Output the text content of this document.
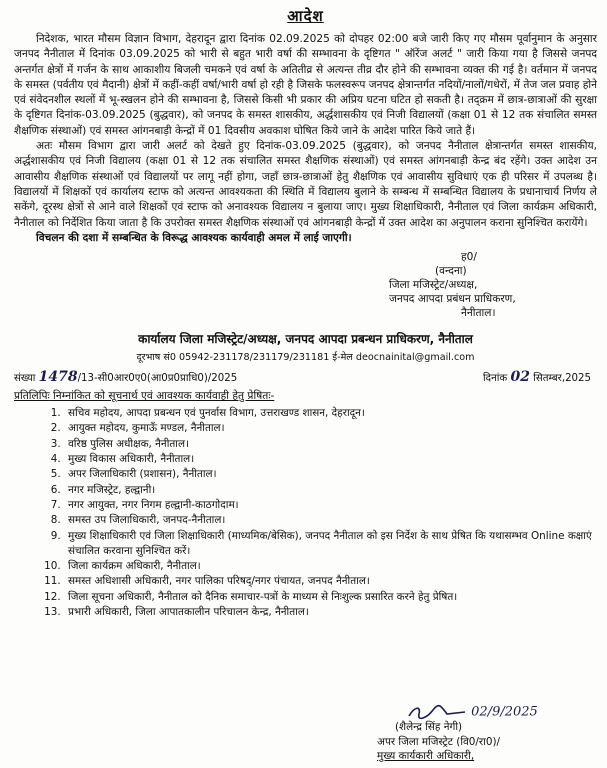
आदेश

निदेशक, भारत मौसम विज्ञान विभाग, देहरादून द्वारा दिनांक 02.09.2025 को दोपहर 02:00 बजे जारी किए गए मौसम पूर्वानुमान के अनुसार जनपद नैनीताल में दिनांक 03.09.2025 को भारी से बहुत भारी वर्षा की सम्भावना के दृष्टिगत " ऑरेंज अलर्ट " जारी किया गया है जिससे जनपद अन्तर्गत क्षेत्रों में गर्जन के साथ आकाशीय बिजली चमकने एवं वर्षा के अतितीव्र से अत्यन्त तीव्र दौर होने की सम्भावना व्यक्त की गई है। वर्तमान में जनपद के समस्त (पर्वतीय एवं मैदानी) क्षेत्रों में कहीं-कहीं वर्षा/भारी वर्षा हो रही है जिसके फलस्वरूप जनपद क्षेत्रान्तर्गत नदियों/नालों/गधेरों, में तेज जल प्रवाह होने एवं संवेदनशील स्थलों में भू-स्खलन होने की सम्भावना है, जिससे किसी भी प्रकार की अप्रिय घटना घटित हो सकती है। तद्‌क्रम में छात्र-छात्राओं की सुरक्षा के दृष्टिगत दिनांक-03.09.2025 (बुद्धवार), को जनपद के समस्त शासकीय, अर्द्धशासकीय एवं निजी विद्यालयों (कक्षा 01 से 12 तक संचालित समस्त शैक्षणिक संस्थाओं) एवं समस्त आंगनबाड़ी केन्द्रों में 01 दिवसीय अवकाश घोषित किये जाने के आदेश पारित किये जाते हैं।

अतः मौसम विभाग द्वारा जारी अलर्ट को देखते हुए दिनांक-03.09.2025 (बुद्धवार), को जनपद नैनीताल क्षेत्रान्तर्गत समस्त शासकीय, अर्द्धशासकीय एवं निजी विद्यालय (कक्षा 01 से 12 तक संचालित समस्त शैक्षणिक संस्थाओं) एवं समस्त आंगनबाड़ी केन्द्र बंद रहेंगे। उक्त आदेश उन आवासीय शैक्षणिक संस्थाओं एवं विद्यालयों पर लागू नहीं होगा, जहाँ छात्र-छात्राओं हेतु शैक्षणिक एवं आवासीय सुविधाएं एक ही परिसर में उपलब्ध है। विद्यालयों में शिक्षकों एवं कार्यालय स्टाफ को अत्यन्त आवश्यकता की स्थिति में विद्यालय बुलाने के सम्बन्ध में सम्बन्धित विद्यालय के प्रधानाचार्य निर्णय ले सकेंगे, दूरस्थ क्षेत्रों से आने वाले शिक्षकों एवं स्टाफ को अनावश्यक विद्यालय न बुलाया जाए। मुख्य शिक्षाधिकारी, नैनीताल एवं जिला कार्यक्रम अधिकारी, नैनीताल को निर्देशित किया जाता है कि उपरोक्त समस्त शैक्षणिक संस्थाओं एवं आंगनबाड़ी केन्द्रों में उक्त आदेश का अनुपालन कराना सुनिश्चित करायेंगे।

विचलन की दशा में सम्बन्धित के विरूद्ध आवश्यक कार्यवाही अमल में लाई जाएगी।

ह0/
(वन्दना)
जिला मजिस्ट्रेट/अध्यक्ष,
जनपद आपदा प्रबंधन प्राधिकरण,
नैनीताल।
कार्यालय जिला मजिस्ट्रेट/अध्यक्ष, जनपद आपदा प्रबन्धन प्राधिकरण, नैनीताल
दूरभाष सं0 05942-231178/231179/231181 ई-मेल deocnainital@gmail.com
संख्या 1478/13-सी0आर0ए0(आ0प्र0प्राधि0)/2025	दिनांक 02 सितम्बर,2025
प्रतिलिपिः निम्नांकित को सूचनार्थ एवं आवश्यक कार्यवाही हेतु प्रेषितः-
1. सचिव महोदय, आपदा प्रबन्धन एवं पुनर्वास विभाग, उत्तराखण्ड शासन, देहरादून।
2. आयुक्त महोदय, कुमाऊँ मण्डल, नैनीताल।
3. वरिष्ठ पुलिस अधीक्षक, नैनीताल।
4. मुख्य विकास अधिकारी, नैनीताल।
5. अपर जिलाधिकारी (प्रशासन), नैनीताल।
6. नगर मजिस्ट्रेट, हल्द्वानी।
7. नगर आयुक्त, नगर निगम हल्द्वानी-काठगोदाम।
8. समस्त उप जिलाधिकारी, जनपद-नैनीताल।
9. मुख्य शिक्षाधिकारी एवं जिला शिक्षाधिकारी (माध्यमिक/बेसिक), जनपद नैनीताल को इस निर्देश के साथ प्रेषित कि यथासम्भव Online कक्षाएं संचालित करवाना सुनिश्चित करें।
10. जिला कार्यक्रम अधिकारी, नैनीताल।
11. समस्त अधिशासी अधिकारी, नगर पालिका परिषद्/नगर पंचायत, जनपद नैनीताल।
12. जिला सूचना अधिकारी, नैनीताल को दैनिक समाचार-पत्रों के माध्यम से निःशुल्क प्रसारित करने हेतु प्रेषित।
13. प्रभारी अधिकारी, जिला आपातकालीन परिचालन केन्द्र, नैनीताल।
02/9/2025
(शैलेन्द्र सिंह नेगी)
अपर जिला मजिस्ट्रेट (वि0/रा0)/
मुख्य कार्यकारी अधिकारी,
